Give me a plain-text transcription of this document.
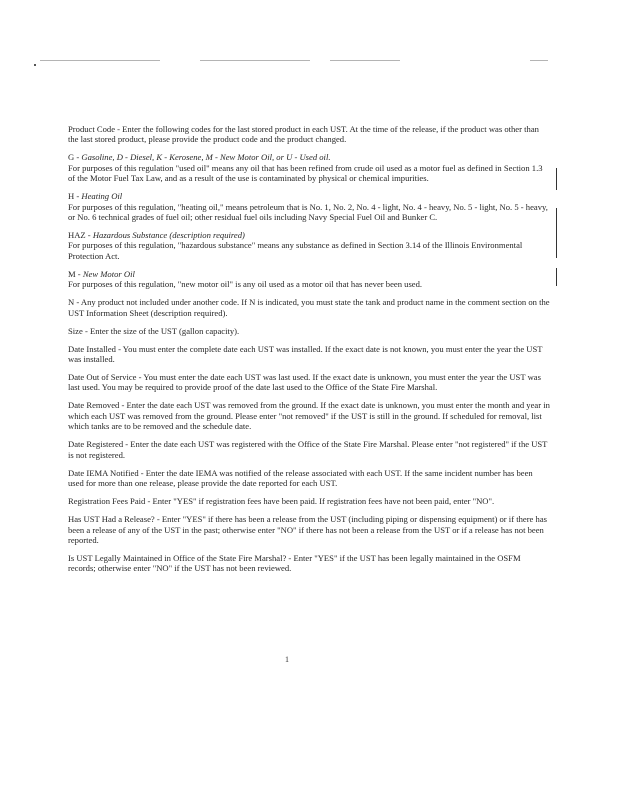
Product Code - Enter the following codes for the last stored product in each UST. At the time of the release, if the product was other than the last stored product, please provide the product code and the product changed.

G - Gasoline, D - Diesel, K - Kerosene, M - New Motor Oil, or U - Used oil.
For purposes of this regulation "used oil" means any oil that has been refined from crude oil used as a motor fuel as defined in Section 1.3 of the Motor Fuel Tax Law, and as a result of the use is contaminated by physical or chemical impurities.
H - Heating Oil
For purposes of this regulation, "heating oil," means petroleum that is No. 1, No. 2, No. 4 - light, No. 4 - heavy, No. 5 - light, No. 5 - heavy, or No. 6 technical grades of fuel oil; other residual fuel oils including Navy Special Fuel Oil and Bunker C.
HAZ - Hazardous Substance (description required)
For purposes of this regulation, "hazardous substance" means any substance as defined in Section 3.14 of the Illinois Environmental Protection Act.
M - New Motor Oil
For purposes of this regulation, "new motor oil" is any oil used as a motor oil that has never been used.

N - Any product not included under another code. If N is indicated, you must state the tank and product name in the comment section on the UST Information Sheet (description required).

Size - Enter the size of the UST (gallon capacity).

Date Installed - You must enter the complete date each UST was installed. If the exact date is not known, you must enter the year the UST was installed.

Date Out of Service - You must enter the date each UST was last used. If the exact date is unknown, you must enter the year the UST was last used. You may be required to provide proof of the date last used to the Office of the State Fire Marshal.

Date Removed - Enter the date each UST was removed from the ground. If the exact date is unknown, you must enter the month and year in which each UST was removed from the ground. Please enter "not removed" if the UST is still in the ground. If scheduled for removal, list which tanks are to be removed and the schedule date.

Date Registered - Enter the date each UST was registered with the Office of the State Fire Marshal. Please enter "not registered" if the UST is not registered.

Date IEMA Notified - Enter the date IEMA was notified of the release associated with each UST. If the same incident number has been used for more than one release, please provide the date reported for each UST.

Registration Fees Paid - Enter "YES" if registration fees have been paid. If registration fees have not been paid, enter "NO".

Has UST Had a Release? - Enter "YES" if there has been a release from the UST (including piping or dispensing equipment) or if there has been a release of any of the UST in the past; otherwise enter "NO" if there has not been a release from the UST or if a release has not been reported.

Is UST Legally Maintained in Office of the State Fire Marshal? - Enter "YES" if the UST has been legally maintained in the OSFM records; otherwise enter "NO" if the UST has not been reviewed.

1
